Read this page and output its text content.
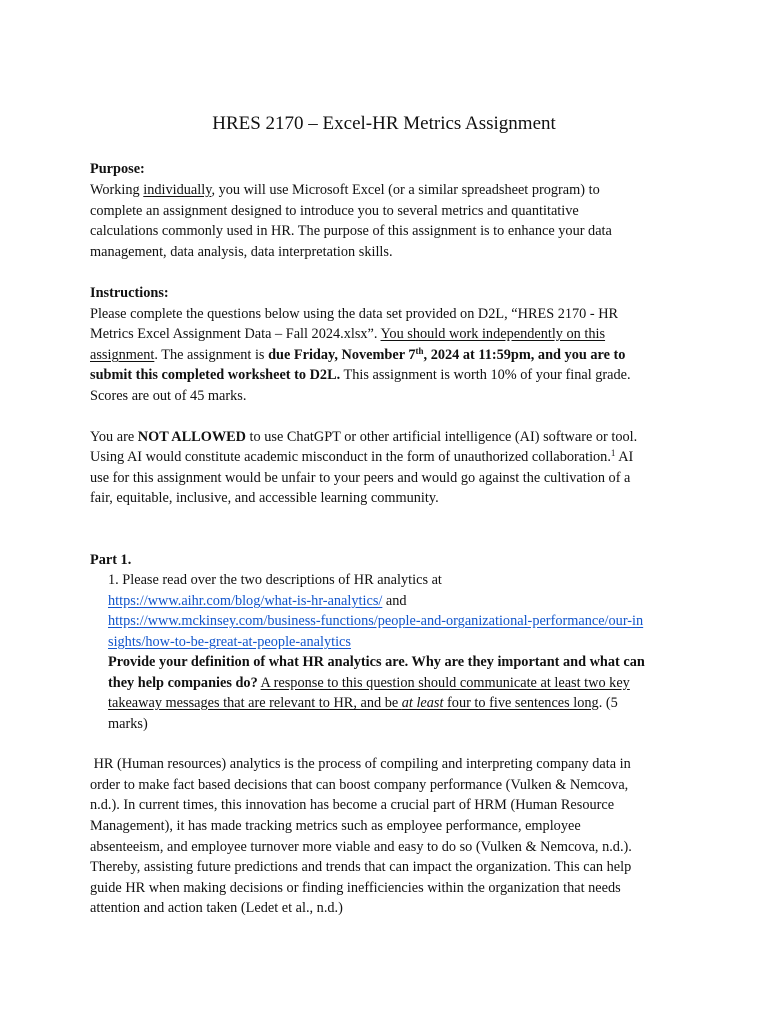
HRES 2170 – Excel-HR Metrics Assignment
Purpose:
Working individually, you will use Microsoft Excel (or a similar spreadsheet program) to
complete an assignment designed to introduce you to several metrics and quantitative
calculations commonly used in HR. The purpose of this assignment is to enhance your data
management, data analysis, data interpretation skills.
Instructions:
Please complete the questions below using the data set provided on D2L, “HRES 2170 - HR
Metrics Excel Assignment Data – Fall 2024.xlsx”. You should work independently on this
assignment. The assignment is due Friday, November 7th, 2024 at 11:59pm, and you are to
submit this completed worksheet to D2L. This assignment is worth 10% of your final grade.
Scores are out of 45 marks.
You are NOT ALLOWED to use ChatGPT or other artificial intelligence (AI) software or tool.
Using AI would constitute academic misconduct in the form of unauthorized collaboration.$^1$ AI
use for this assignment would be unfair to your peers and would go against the cultivation of a
fair, equitable, inclusive, and accessible learning community.
Part 1.
1. Please read over the two descriptions of HR analytics at
https://www.aihr.com/blog/what-is-hr-analytics/ and
https://www.mckinsey.com/business-functions/people-and-organizational-performance/our-in
sights/how-to-be-great-at-people-analytics
Provide your definition of what HR analytics are. Why are they important and what can
they help companies do? A response to this question should communicate at least two key
takeaway messages that are relevant to HR, and be at least four to five sentences long. (5
marks)
HR (Human resources) analytics is the process of compiling and interpreting company data in
order to make fact based decisions that can boost company performance (Vulken & Nemcova,
n.d.). In current times, this innovation has become a crucial part of HRM (Human Resource
Management), it has made tracking metrics such as employee performance, employee
absenteeism, and employee turnover more viable and easy to do so (Vulken & Nemcova, n.d.).
Thereby, assisting future predictions and trends that can impact the organization. This can help
guide HR when making decisions or finding inefficiencies within the organization that needs
attention and action taken (Ledet et al., n.d.)
